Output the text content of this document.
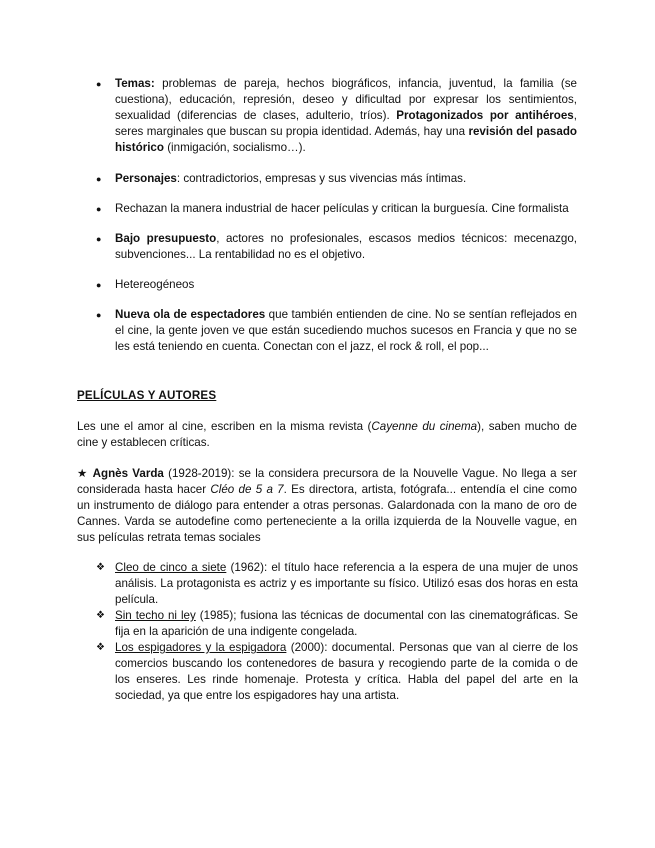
● Temas: problemas de pareja, hechos biográficos, infancia, juventud, la familia (se cuestiona), educación, represión, deseo y dificultad por expresar los sentimientos, sexualidad (diferencias de clases, adulterio, tríos). Protagonizados por antihéroes, seres marginales que buscan su propia identidad. Además, hay una revisión del pasado histórico (inmigación, socialismo…).
● Personajes: contradictorios, empresas y sus vivencias más íntimas.
● Rechazan la manera industrial de hacer películas y critican la burguesía. Cine formalista
● Bajo presupuesto, actores no profesionales, escasos medios técnicos: mecenazgo, subvenciones... La rentabilidad no es el objetivo.
● Hetereogéneos
● Nueva ola de espectadores que también entienden de cine. No se sentían reflejados en el cine, la gente joven ve que están sucediendo muchos sucesos en Francia y que no se les está teniendo en cuenta. Conectan con el jazz, el rock & roll, el pop...
PELÍCULAS Y AUTORES
Les une el amor al cine, escriben en la misma revista (Cayenne du cinema), saben mucho de cine y establecen críticas.
★ Agnès Varda (1928-2019): se la considera precursora de la Nouvelle Vague. No llega a ser considerada hasta hacer Cléo de 5 a 7. Es directora, artista, fotógrafa... entendía el cine como un instrumento de diálogo para entender a otras personas. Galardonada con la mano de oro de Cannes. Varda se autodefine como perteneciente a la orilla izquierda de la Nouvelle vague, en sus películas retrata temas sociales
❖ Cleo de cinco a siete (1962): el título hace referencia a la espera de una mujer de unos análisis. La protagonista es actriz y es importante su físico. Utilizó esas dos horas en esta película.
❖ Sin techo ni ley (1985); fusiona las técnicas de documental con las cinematográficas. Se fija en la aparición de una indigente congelada.
❖ Los espigadores y la espigadora (2000): documental. Personas que van al cierre de los comercios buscando los contenedores de basura y recogiendo parte de la comida o de los enseres. Les rinde homenaje. Protesta y crítica. Habla del papel del arte en la sociedad, ya que entre los espigadores hay una artista.
